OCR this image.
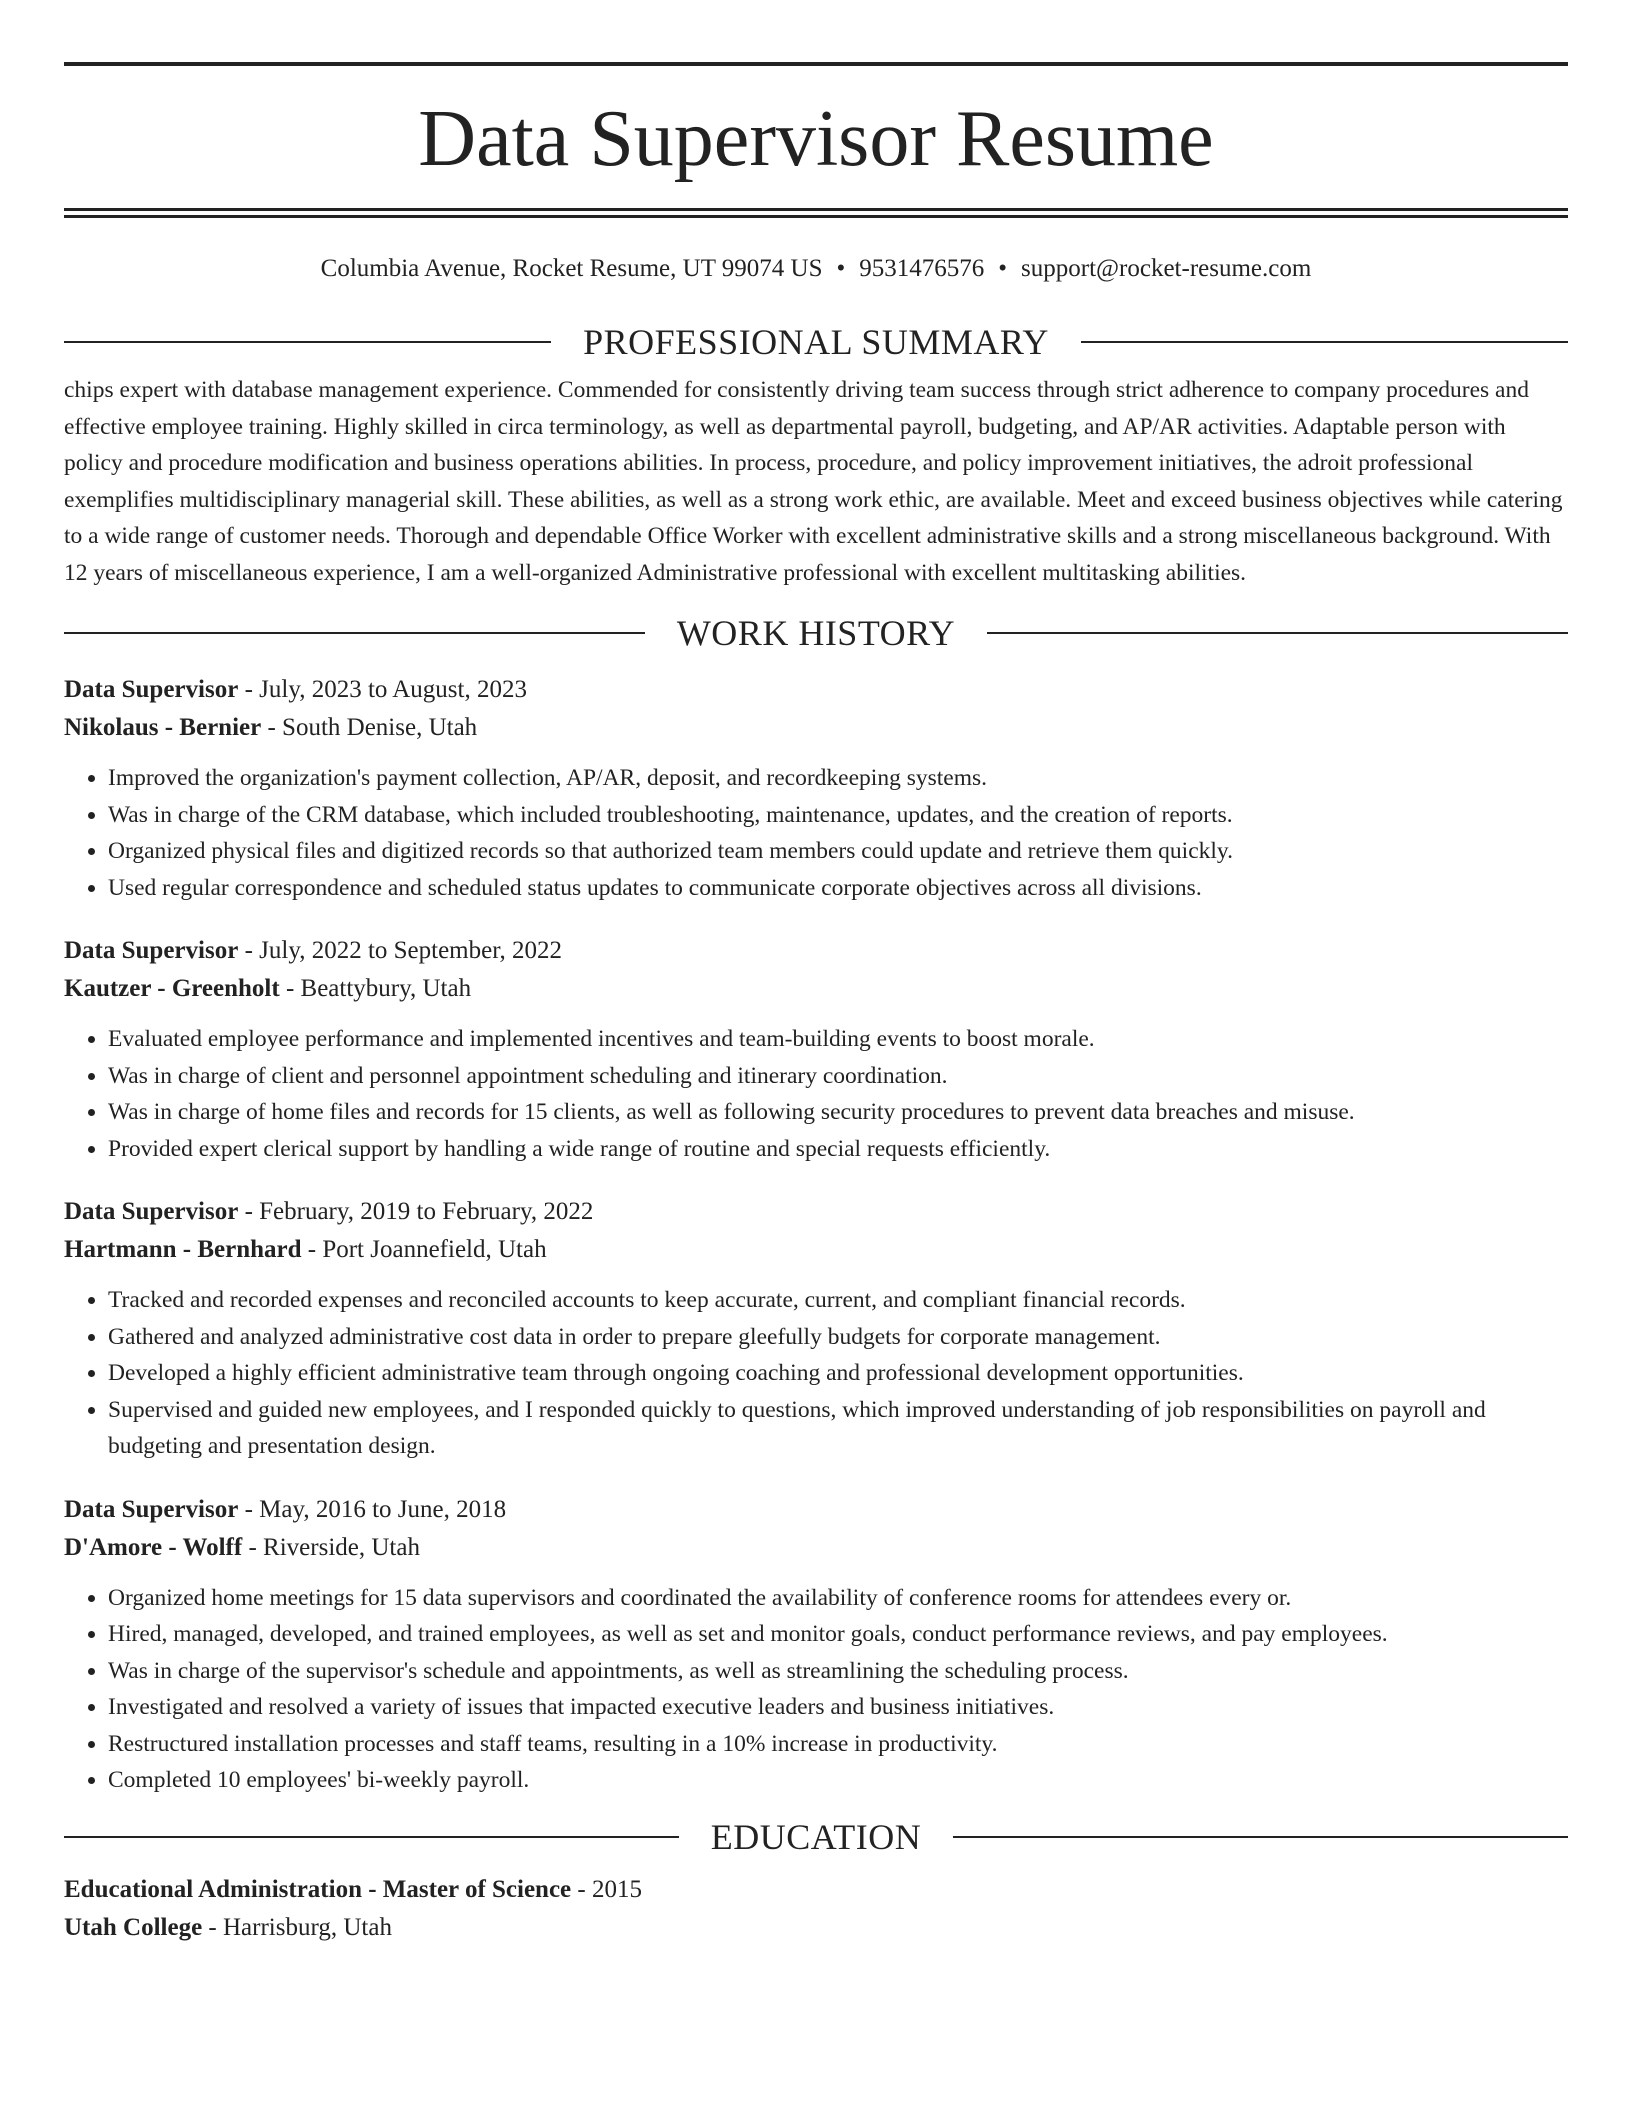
Data Supervisor Resume
Columbia Avenue, Rocket Resume, UT 99074 US • 9531476576 • support@rocket-resume.com
PROFESSIONAL SUMMARY
chips expert with database management experience. Commended for consistently driving team success through strict adherence to company procedures and effective employee training. Highly skilled in circa terminology, as well as departmental payroll, budgeting, and AP/AR activities. Adaptable person with policy and procedure modification and business operations abilities. In process, procedure, and policy improvement initiatives, the adroit professional exemplifies multidisciplinary managerial skill. These abilities, as well as a strong work ethic, are available. Meet and exceed business objectives while catering to a wide range of customer needs. Thorough and dependable Office Worker with excellent administrative skills and a strong miscellaneous background. With 12 years of miscellaneous experience, I am a well-organized Administrative professional with excellent multitasking abilities.
WORK HISTORY
Data Supervisor - July, 2023 to August, 2023
Nikolaus - Bernier - South Denise, Utah
• Improved the organization's payment collection, AP/AR, deposit, and recordkeeping systems.
• Was in charge of the CRM database, which included troubleshooting, maintenance, updates, and the creation of reports.
• Organized physical files and digitized records so that authorized team members could update and retrieve them quickly.
• Used regular correspondence and scheduled status updates to communicate corporate objectives across all divisions.
Data Supervisor - July, 2022 to September, 2022
Kautzer - Greenholt - Beattybury, Utah
• Evaluated employee performance and implemented incentives and team-building events to boost morale.
• Was in charge of client and personnel appointment scheduling and itinerary coordination.
• Was in charge of home files and records for 15 clients, as well as following security procedures to prevent data breaches and misuse.
• Provided expert clerical support by handling a wide range of routine and special requests efficiently.
Data Supervisor - February, 2019 to February, 2022
Hartmann - Bernhard - Port Joannefield, Utah
• Tracked and recorded expenses and reconciled accounts to keep accurate, current, and compliant financial records.
• Gathered and analyzed administrative cost data in order to prepare gleefully budgets for corporate management.
• Developed a highly efficient administrative team through ongoing coaching and professional development opportunities.
• Supervised and guided new employees, and I responded quickly to questions, which improved understanding of job responsibilities on payroll and budgeting and presentation design.
Data Supervisor - May, 2016 to June, 2018
D'Amore - Wolff - Riverside, Utah
• Organized home meetings for 15 data supervisors and coordinated the availability of conference rooms for attendees every or.
• Hired, managed, developed, and trained employees, as well as set and monitor goals, conduct performance reviews, and pay employees.
• Was in charge of the supervisor's schedule and appointments, as well as streamlining the scheduling process.
• Investigated and resolved a variety of issues that impacted executive leaders and business initiatives.
• Restructured installation processes and staff teams, resulting in a 10% increase in productivity.
• Completed 10 employees' bi-weekly payroll.
EDUCATION
Educational Administration - Master of Science - 2015
Utah College - Harrisburg, Utah
